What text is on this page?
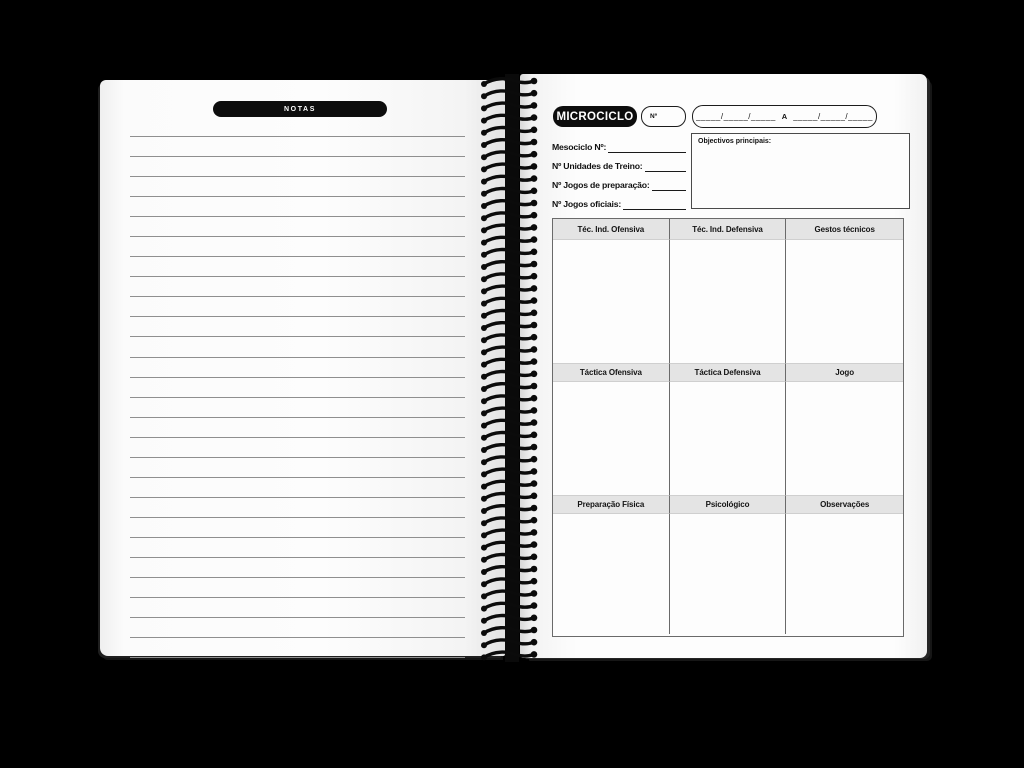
NOTAS
MICROCICLO	Nº	_____/_____/_____ A _____/_____/_____
Mesociclo Nº:
Nº Unidades de Treino:
Nº Jogos de preparação:
Nº Jogos oficiais:
Objectivos principais:
Téc. Ind. Ofensiva	Téc. Ind. Defensiva	Gestos técnicos
Táctica Ofensiva	Táctica Defensiva	Jogo
Preparação Física	Psicológico	Observações
